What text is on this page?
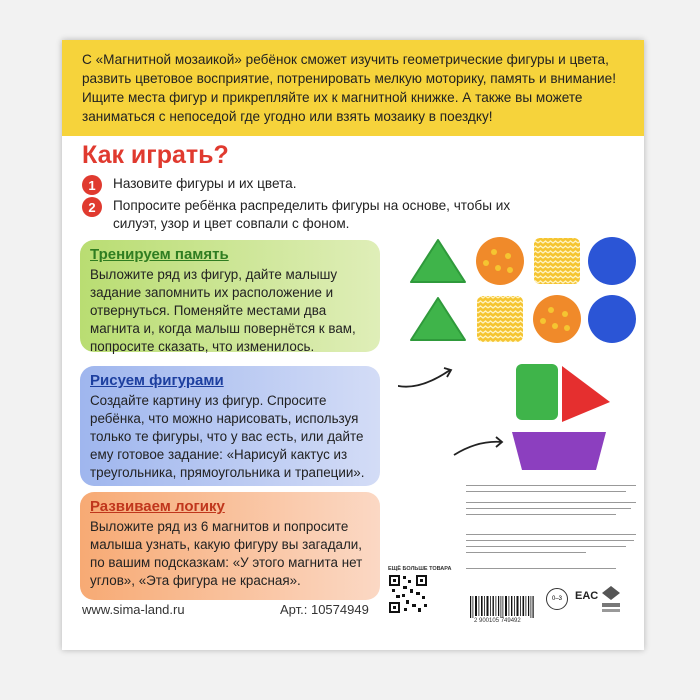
С «Магнитной мозаикой» ребёнок сможет изучить геометрические фигуры и цвета, развить цветовое восприятие, потренировать мелкую моторику, память и внимание! Ищите места фигур и прикрепляйте их к магнитной книжке. А также вы можете заниматься с непоседой где угодно или взять мозаику в поездку!

Как играть?
1	Назовите фигуры и их цвета.
2	Попросите ребёнка распределить фигуры на основе, чтобы их силуэт, узор и цвет совпали с фоном.
Тренируем память

Выложите ряд из фигур, дайте малышу задание запомнить их расположение и отвернуться. Поменяйте местами два магнита и, когда малыш повернётся к вам, попросите сказать, что изменилось.

Рисуем фигурами

Создайте картину из фигур. Спросите ребёнка, что можно нарисовать, используя только те фигуры, что у вас есть, или дайте ему готовое задание: «Нарисуй кактус из треугольника, прямоугольника и трапеции».

Развиваем логику

Выложите ряд из 6 магнитов и попросите малыша узнать, какую фигуру вы загадали, по вашим подсказкам: «У этого магнита нет углов», «Эта фигура не красная».

www.sima-land.ru	Арт.: 10574949
ЕЩЁ БОЛЬШЕ ТОВАРА
2 900105 749492
0–3	EAC
